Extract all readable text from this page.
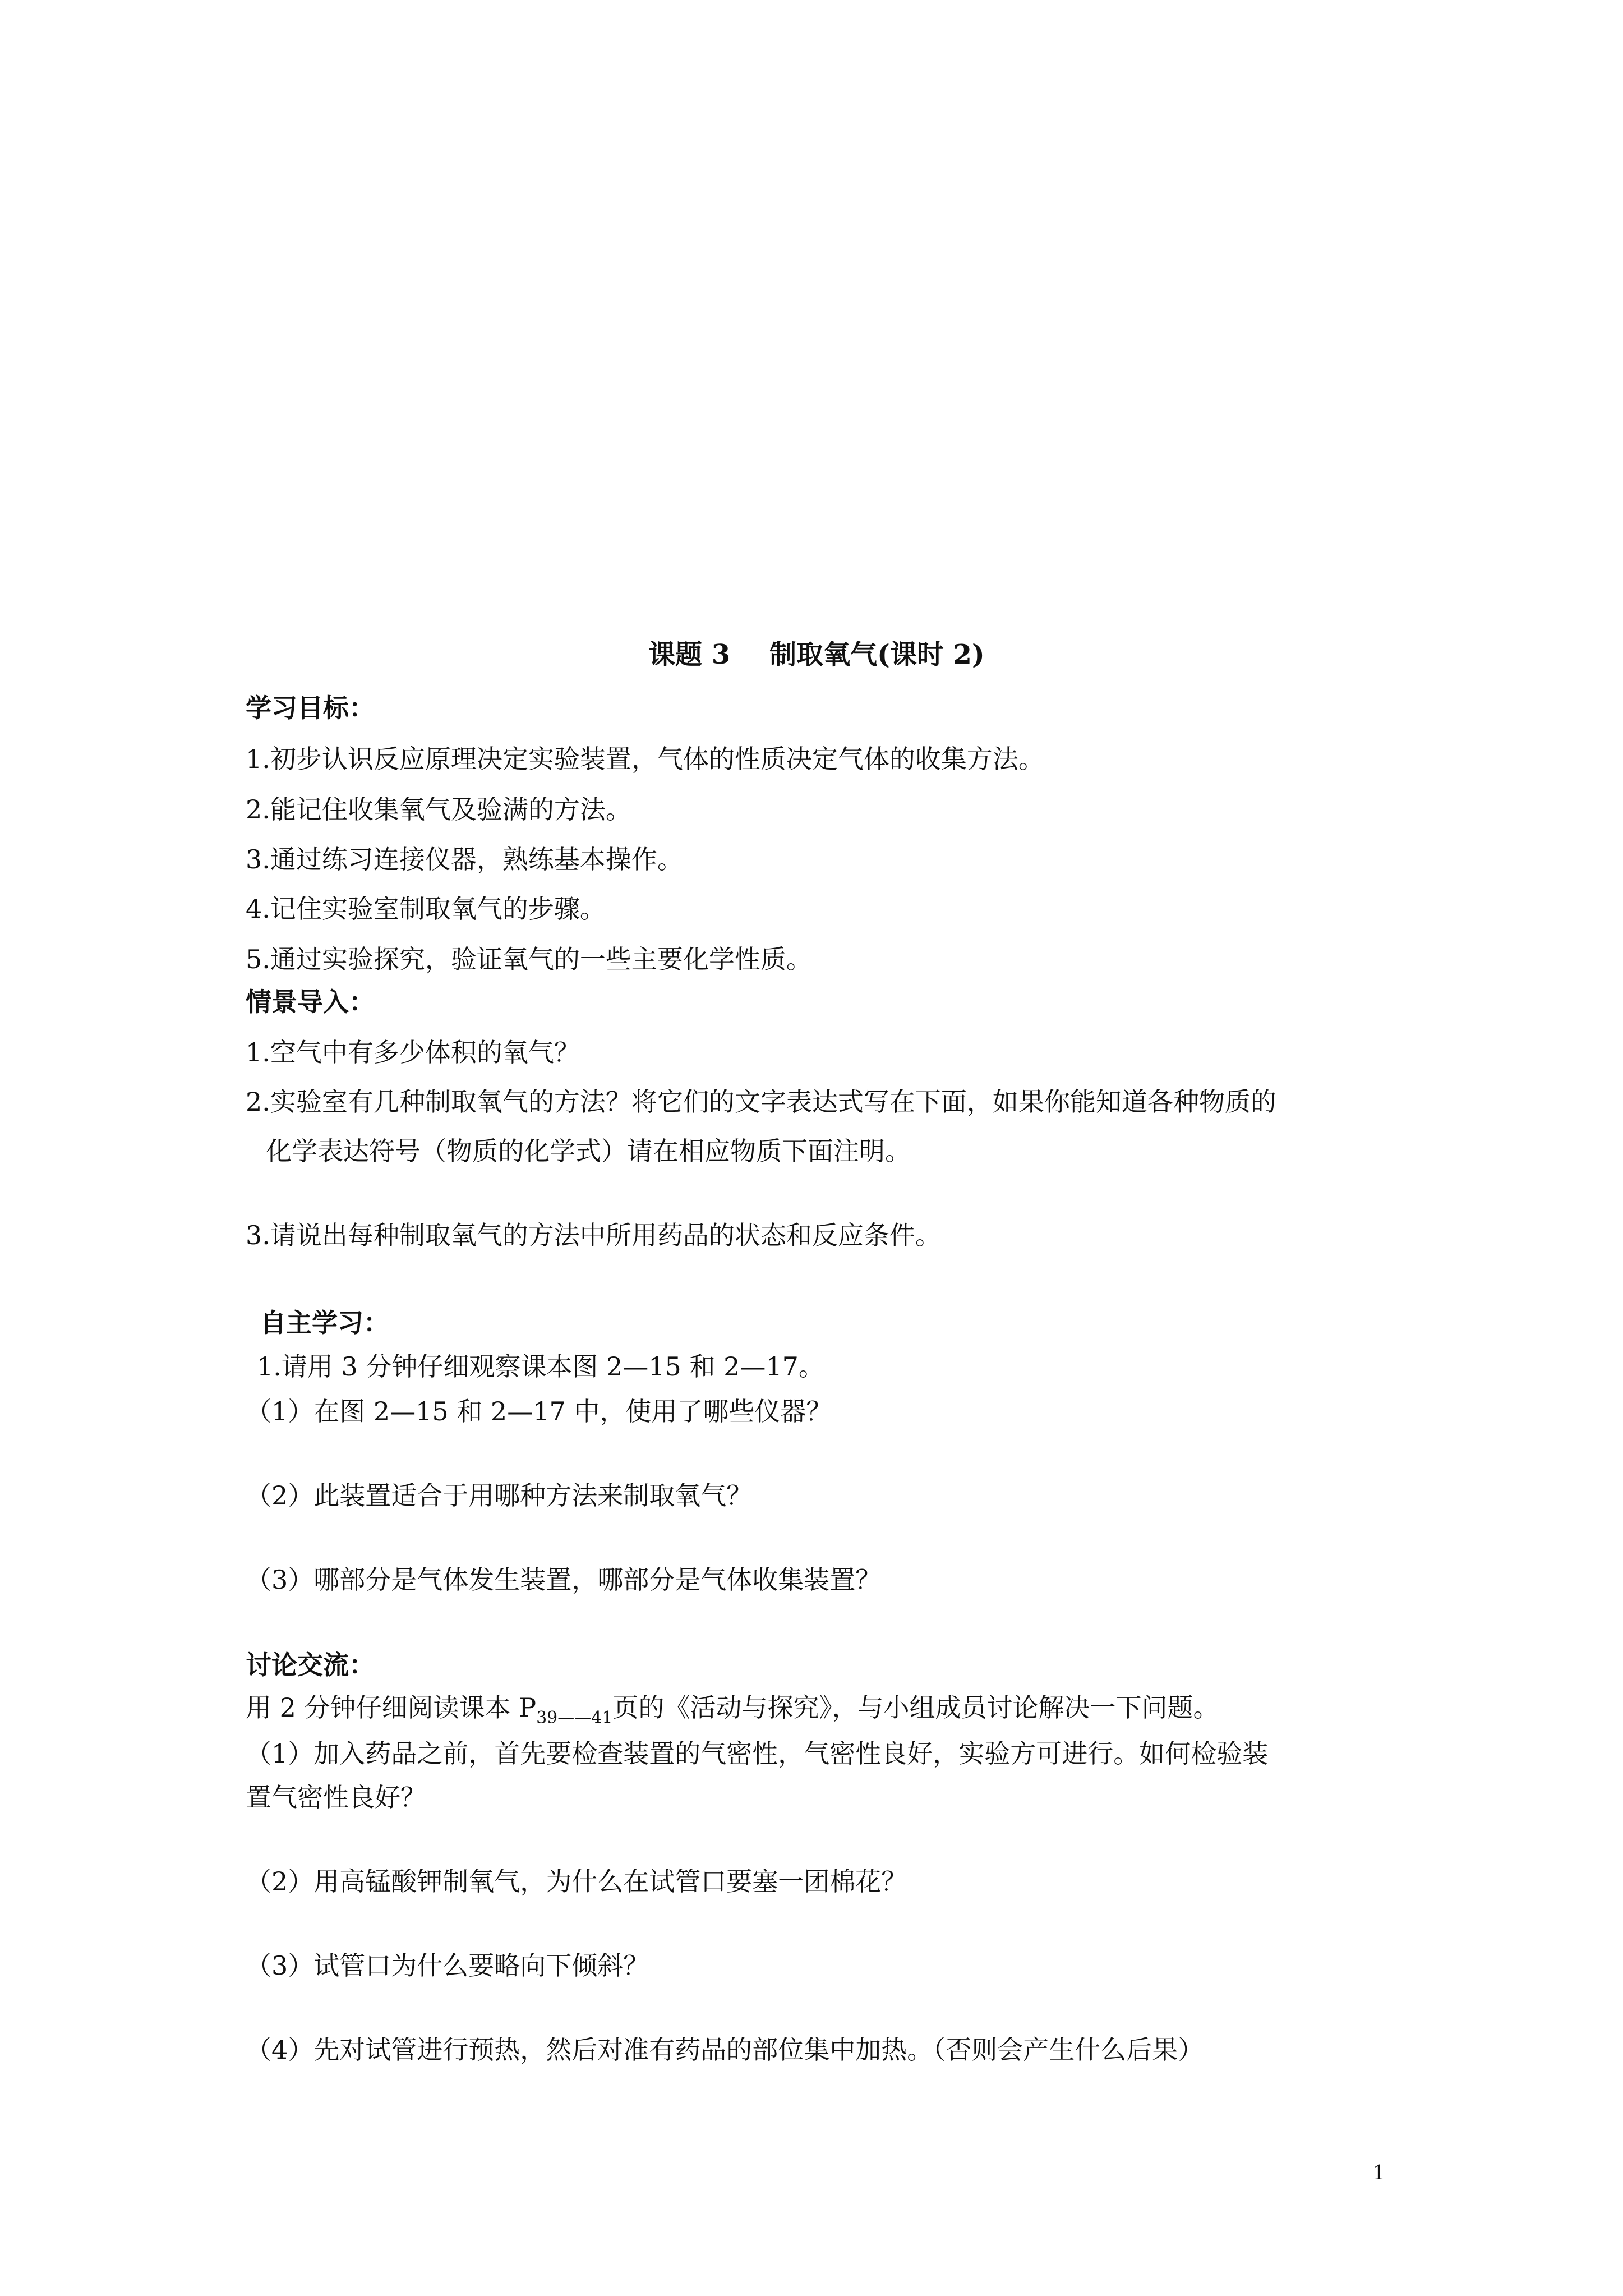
课题 3 制取氧气(课时 2)
学习目标：
1.初步认识反应原理决定实验装置，气体的性质决定气体的收集方法。
2.能记住收集氧气及验满的方法。
3.通过练习连接仪器，熟练基本操作。
4.记住实验室制取氧气的步骤。
5.通过实验探究，验证氧气的一些主要化学性质。
情景导入：
1.空气中有多少体积的氧气？
2.实验室有几种制取氧气的方法？将它们的文字表达式写在下面，如果你能知道各种物质的
化学表达符号（物质的化学式）请在相应物质下面注明。
3.请说出每种制取氧气的方法中所用药品的状态和反应条件。
自主学习：
1.请用 3 分钟仔细观察课本图 2—15 和 2—17。
（1）在图 2—15 和 2—17 中，使用了哪些仪器？
（2）此装置适合于用哪种方法来制取氧气？
（3）哪部分是气体发生装置，哪部分是气体收集装置？
讨论交流：
用 2 分钟仔细阅读课本 $P_{39——41}$页的《活动与探究》，与小组成员讨论解决一下问题。
（1）加入药品之前，首先要检查装置的气密性，气密性良好，实验方可进行。如何检验装
置气密性良好？
（2）用高锰酸钾制氧气，为什么在试管口要塞一团棉花？
（3）试管口为什么要略向下倾斜？
（4）先对试管进行预热，然后对准有药品的部位集中加热。（否则会产生什么后果）
1
